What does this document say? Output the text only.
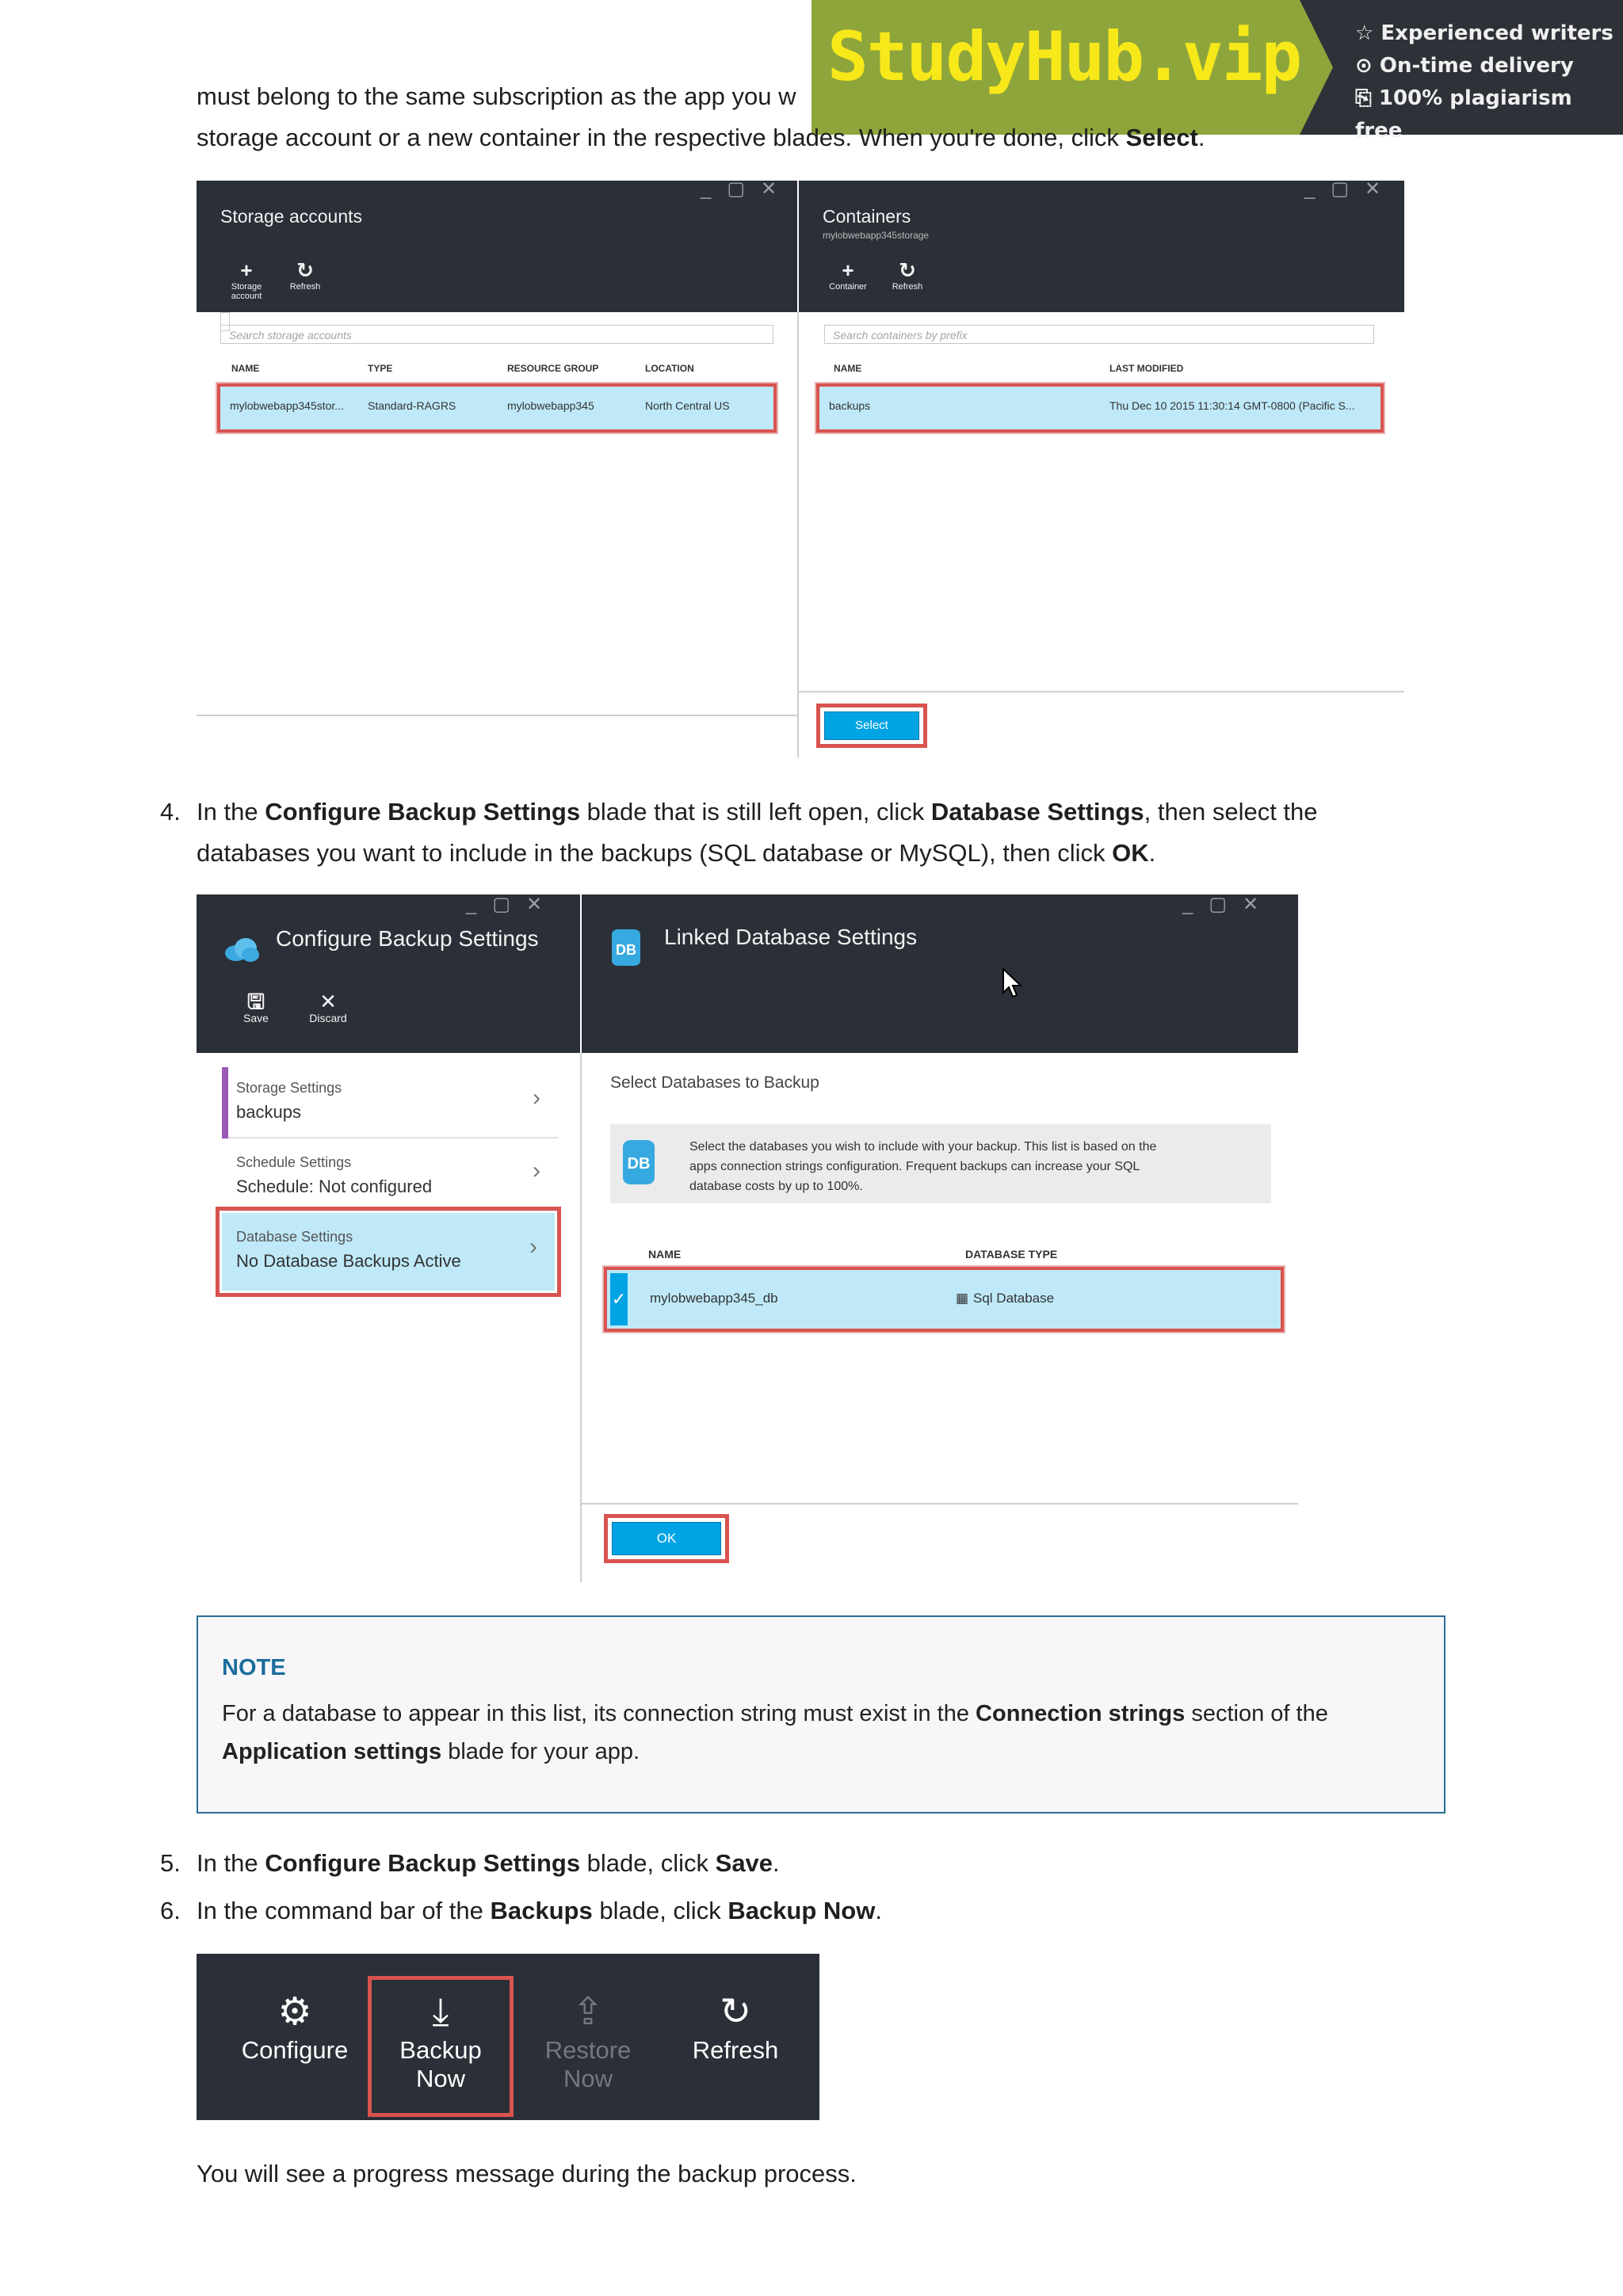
StudyHub.vip	☆ Experienced writers
⊙ On-time delivery
⎘ 100% plagiarism free
must belong to the same subscription as the app you w
storage account or a new container in the respective blades. When you're done, click Select.
Storage accounts
_▢✕
+
Storage account
↻
Refresh
Search storage accounts
NAME	TYPE	RESOURCE GROUP	LOCATION
mylobwebapp345stor... Standard-RAGRS	mylobwebapp345	North Central US
Containers
mylobwebapp345storage
_▢✕
+
Container
↻
Refresh
Search containers by prefix
NAME	LAST MODIFIED
backups	Thu Dec 10 2015 11:30:14 GMT-0800 (Pacific S...
Select
4. In the Configure Backup Settings blade that is still left open, click Database Settings, then select the
databases you want to include in the backups (SQL database or MySQL), then click OK.
Configure Backup Settings
_▢✕
🖫
Save
✕
Discard
Storage Settings
backups
›
Schedule Settings
Schedule: Not configured
›
Database Settings
No Database Backups Active
›
DB
Linked Database Settings
_▢✕
Select Databases to Backup
DB
Select the databases you wish to include with your backup. This list is based on the
apps connection strings configuration. Frequent backups can increase your SQL
database costs by up to 100%.
NAME	DATABASE TYPE
✓ mylobwebapp345_db	▦ Sql Database
OK
NOTE
For a database to appear in this list, its connection string must exist in the Connection strings section of the
Application settings blade for your app.
5. In the Configure Backup Settings blade, click Save.
6. In the command bar of the Backups blade, click Backup Now.
⚙
Configure
⤓
Backup
Now
⇪
Restore
Now
↻
Refresh
You will see a progress message during the backup process.
